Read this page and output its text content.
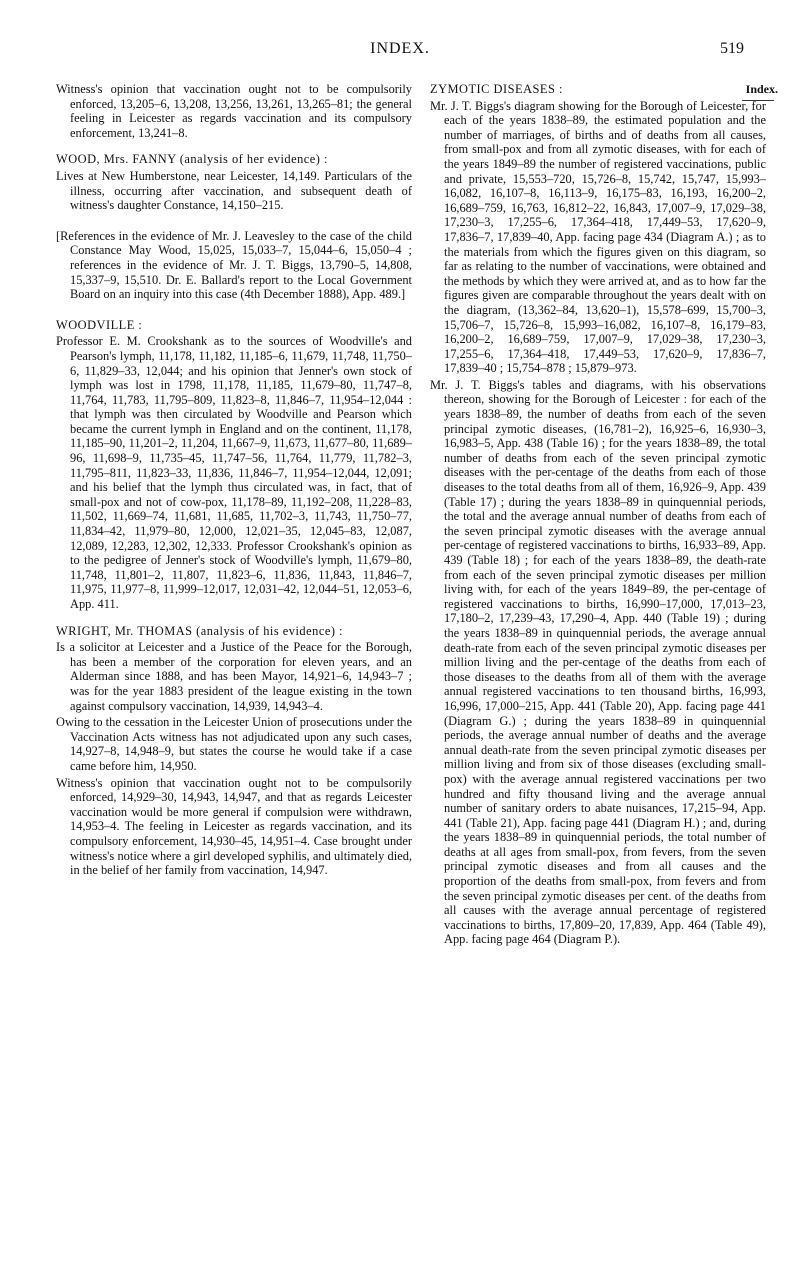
INDEX.	519
Index.

Witness's opinion that vaccination ought not to be compulsorily enforced, 13,205–6, 13,208, 13,256, 13,261, 13,265–81; the general feeling in Leicester as regards vaccination and its compulsory enforcement, 13,241–8.

WOOD, Mrs. FANNY (analysis of her evidence) :

Lives at New Humberstone, near Leicester, 14,149. Particulars of the illness, occurring after vaccination, and subsequent death of witness's daughter Constance, 14,150–215.

[References in the evidence of Mr. J. Leavesley to the case of the child Constance May Wood, 15,025, 15,033–7, 15,044–6, 15,050–4 ; references in the evidence of Mr. J. T. Biggs, 13,790–5, 14,808, 15,337–9, 15,510. Dr. E. Ballard's report to the Local Government Board on an inquiry into this case (4th December 1888), App. 489.]

WOODVILLE :

Professor E. M. Crookshank as to the sources of Woodville's and Pearson's lymph, 11,178, 11,182, 11,185–6, 11,679, 11,748, 11,750–6, 11,829–33, 12,044; and his opinion that Jenner's own stock of lymph was lost in 1798, 11,178, 11,185, 11,679–80, 11,747–8, 11,764, 11,783, 11,795–809, 11,823–8, 11,846–7, 11,954–12,044 : that lymph was then circulated by Woodville and Pearson which became the current lymph in England and on the continent, 11,178, 11,185–90, 11,201–2, 11,204, 11,667–9, 11,673, 11,677–80, 11,689–96, 11,698–9, 11,735–45, 11,747–56, 11,764, 11,779, 11,782–3, 11,795–811, 11,823–33, 11,836, 11,846–7, 11,954–12,044, 12,091; and his belief that the lymph thus circulated was, in fact, that of small-pox and not of cow-pox, 11,178–89, 11,192–208, 11,228–83, 11,502, 11,669–74, 11,681, 11,685, 11,702–3, 11,743, 11,750–77, 11,834–42, 11,979–80, 12,000, 12,021–35, 12,045–83, 12,087, 12,089, 12,283, 12,302, 12,333. Professor Crookshank's opinion as to the pedigree of Jenner's stock of Woodville's lymph, 11,679–80, 11,748, 11,801–2, 11,807, 11,823–6, 11,836, 11,843, 11,846–7, 11,975, 11,977–8, 11,999–12,017, 12,031–42, 12,044–51, 12,053–6, App. 411.

WRIGHT, Mr. THOMAS (analysis of his evidence) :

Is a solicitor at Leicester and a Justice of the Peace for the Borough, has been a member of the corporation for eleven years, and an Alderman since 1888, and has been Mayor, 14,921–6, 14,943–7 ; was for the year 1883 president of the league existing in the town against compulsory vaccination, 14,939, 14,943–4.

Owing to the cessation in the Leicester Union of prosecutions under the Vaccination Acts witness has not adjudicated upon any such cases, 14,927–8, 14,948–9, but states the course he would take if a case came before him, 14,950.

Witness's opinion that vaccination ought not to be compulsorily enforced, 14,929–30, 14,943, 14,947, and that as regards Leicester vaccination would be more general if compulsion were withdrawn, 14,953–4. The feeling in Leicester as regards vaccination, and its compulsory enforcement, 14,930–45, 14,951–4. Case brought under witness's notice where a girl developed syphilis, and ultimately died, in the belief of her family from vaccination, 14,947.

ZYMOTIC DISEASES :

Mr. J. T. Biggs's diagram showing for the Borough of Leicester, for each of the years 1838–89, the estimated population and the number of marriages, of births and of deaths from all causes, from small-pox and from all zymotic diseases, with for each of the years 1849–89 the number of registered vaccinations, public and private, 15,553–720, 15,726–8, 15,742, 15,747, 15,993–16,082, 16,107–8, 16,113–9, 16,175–83, 16,193, 16,200–2, 16,689–759, 16,763, 16,812–22, 16,843, 17,007–9, 17,029–38, 17,230–3, 17,255–6, 17,364–418, 17,449–53, 17,620–9, 17,836–7, 17,839–40, App. facing page 434 (Diagram A.) ; as to the materials from which the figures given on this diagram, so far as relating to the number of vaccinations, were obtained and the methods by which they were arrived at, and as to how far the figures given are comparable throughout the years dealt with on the diagram, (13,362–84, 13,620–1), 15,578–699, 15,700–3, 15,706–7, 15,726–8, 15,993–16,082, 16,107–8, 16,179–83, 16,200–2, 16,689–759, 17,007–9, 17,029–38, 17,230–3, 17,255–6, 17,364–418, 17,449–53, 17,620–9, 17,836–7, 17,839–40 ; 15,754–878 ; 15,879–973.

Mr. J. T. Biggs's tables and diagrams, with his observations thereon, showing for the Borough of Leicester : for each of the years 1838–89, the number of deaths from each of the seven principal zymotic diseases, (16,781–2), 16,925–6, 16,930–3, 16,983–5, App. 438 (Table 16) ; for the years 1838–89, the total number of deaths from each of the seven principal zymotic diseases with the per-centage of the deaths from each of those diseases to the total deaths from all of them, 16,926–9, App. 439 (Table 17) ; during the years 1838–89 in quinquennial periods, the total and the average annual number of deaths from each of the seven principal zymotic diseases with the average annual per-centage of registered vaccinations to births, 16,933–89, App. 439 (Table 18) ; for each of the years 1838–89, the death-rate from each of the seven principal zymotic diseases per million living with, for each of the years 1849–89, the per-centage of registered vaccinations to births, 16,990–17,000, 17,013–23, 17,180–2, 17,239–43, 17,290–4, App. 440 (Table 19) ; during the years 1838–89 in quinquennial periods, the average annual death-rate from each of the seven principal zymotic diseases per million living and the per-centage of the deaths from each of those diseases to the deaths from all of them with the average annual registered vaccinations to ten thousand births, 16,993, 16,996, 17,000–215, App. 441 (Table 20), App. facing page 441 (Diagram G.) ; during the years 1838–89 in quinquennial periods, the average annual number of deaths and the average annual death-rate from the seven principal zymotic diseases per million living and from six of those diseases (excluding small-pox) with the average annual registered vaccinations per two hundred and fifty thousand living and the average annual number of sanitary orders to abate nuisances, 17,215–94, App. 441 (Table 21), App. facing page 441 (Diagram H.) ; and, during the years 1838–89 in quinquennial periods, the total number of deaths at all ages from small-pox, from fevers, from the seven principal zymotic diseases and from all causes and the proportion of the deaths from small-pox, from fevers and from the seven principal zymotic diseases per cent. of the deaths from all causes with the average annual percentage of registered vaccinations to births, 17,809–20, 17,839, App. 464 (Table 49), App. facing page 464 (Diagram P.).
